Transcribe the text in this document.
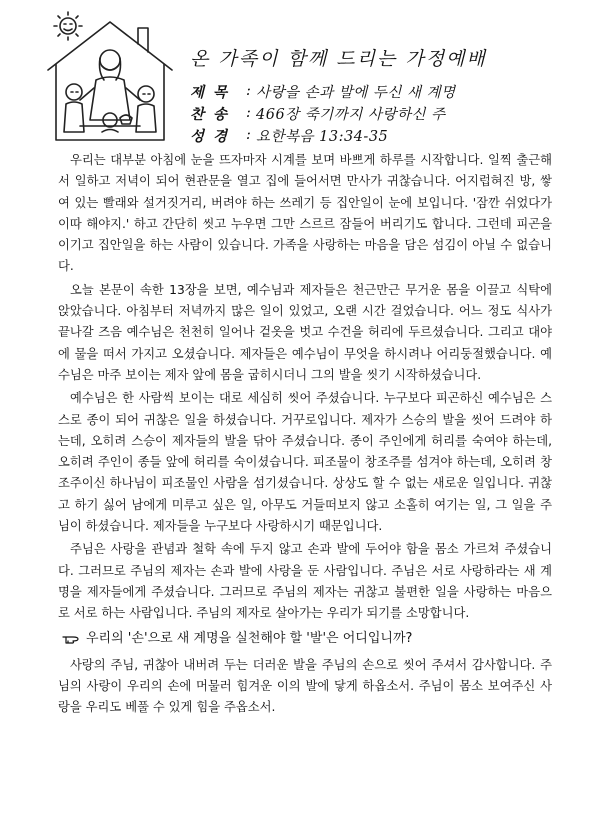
온 가족이 함께 드리는 가정예배
제 목	: 사랑을 손과 발에 두신 새 계명
찬 송	: 466장 죽기까지 사랑하신 주
성 경	: 요한복음 13:34-35

우리는 대부분 아침에 눈을 뜨자마자 시계를 보며 바쁘게 하루를 시작합니다. 일찍 출근해서 일하고 저녁이 되어 현관문을 열고 집에 들어서면 만사가 귀찮습니다. 어지럽혀진 방, 쌓여 있는 빨래와 설거짓거리, 버려야 하는 쓰레기 등 집안일이 눈에 보입니다. '잠깐 쉬었다가 이따 해야지.' 하고 간단히 씻고 누우면 그만 스르르 잠들어 버리기도 합니다. 그런데 피곤을 이기고 집안일을 하는 사람이 있습니다. 가족을 사랑하는 마음을 담은 섬김이 아닐 수 없습니다.

오늘 본문이 속한 13장을 보면, 예수님과 제자들은 천근만근 무거운 몸을 이끌고 식탁에 앉았습니다. 아침부터 저녁까지 많은 일이 있었고, 오랜 시간 걸었습니다. 어느 정도 식사가 끝나갈 즈음 예수님은 천천히 일어나 겉옷을 벗고 수건을 허리에 두르셨습니다. 그리고 대야에 물을 떠서 가지고 오셨습니다. 제자들은 예수님이 무엇을 하시려나 어리둥절했습니다. 예수님은 마주 보이는 제자 앞에 몸을 굽히시더니 그의 발을 씻기 시작하셨습니다.

예수님은 한 사람씩 보이는 대로 세심히 씻어 주셨습니다. 누구보다 피곤하신 예수님은 스스로 종이 되어 귀찮은 일을 하셨습니다. 거꾸로입니다. 제자가 스승의 발을 씻어 드려야 하는데, 오히려 스승이 제자들의 발을 닦아 주셨습니다. 종이 주인에게 허리를 숙여야 하는데, 오히려 주인이 종들 앞에 허리를 숙이셨습니다. 피조물이 창조주를 섬겨야 하는데, 오히려 창조주이신 하나님이 피조물인 사람을 섬기셨습니다. 상상도 할 수 없는 새로운 일입니다. 귀찮고 하기 싫어 남에게 미루고 싶은 일, 아무도 거들떠보지 않고 소홀히 여기는 일, 그 일을 주님이 하셨습니다. 제자들을 누구보다 사랑하시기 때문입니다.

주님은 사랑을 관념과 철학 속에 두지 않고 손과 발에 두어야 함을 몸소 가르쳐 주셨습니다. 그러므로 주님의 제자는 손과 발에 사랑을 둔 사람입니다. 주님은 서로 사랑하라는 새 계명을 제자들에게 주셨습니다. 그러므로 주님의 제자는 귀찮고 불편한 일을 사랑하는 마음으로 서로 하는 사람입니다. 주님의 제자로 살아가는 우리가 되기를 소망합니다.

우리의 '손'으로 새 계명을 실천해야 할 '발'은 어디입니까?

사랑의 주님, 귀찮아 내버려 두는 더러운 발을 주님의 손으로 씻어 주셔서 감사합니다. 주님의 사랑이 우리의 손에 머물러 힘겨운 이의 발에 닿게 하옵소서. 주님이 몸소 보여주신 사랑을 우리도 베풀 수 있게 힘을 주옵소서.
